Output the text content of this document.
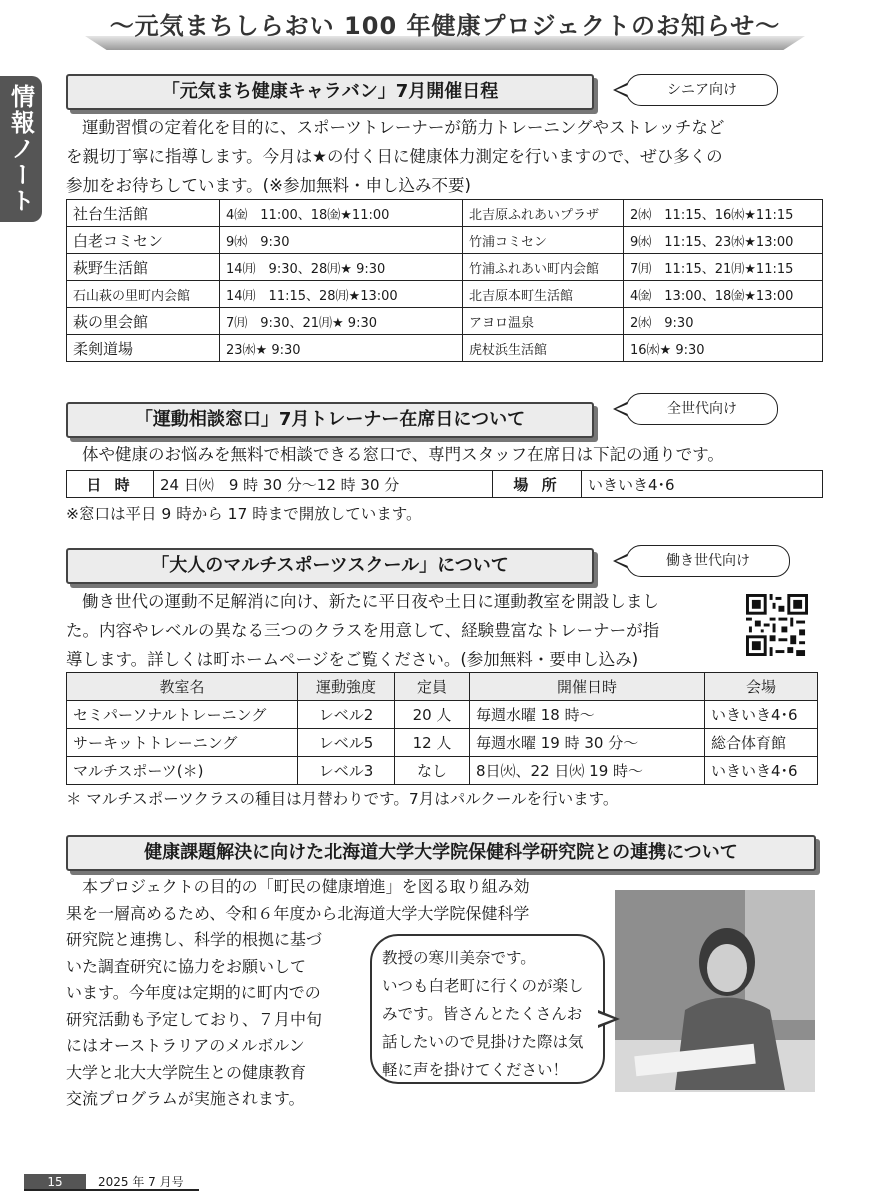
〜元気まちしらおい 100 年健康プロジェクトのお知らせ〜
情報ノート	「元気まち健康キャラバン」7月開催日程	シニア向け
運動習慣の定着化を目的に、スポーツトレーナーが筋力トレーニングやストレッチなど
を親切丁寧に指導します。今月は★の付く日に健康体力測定を行いますので、ぜひ多くの
参加をお待ちしています。(※参加無料・申し込み不要)
社台生活館	4㈮　11:00、18㈮★11:00	北吉原ふれあいプラザ	2㈬　11:15、16㈬★11:15
白老コミセン	9㈬　9:30	竹浦コミセン	9㈬　11:15、23㈬★13:00
萩野生活館	14㈪　9:30、28㈪★ 9:30	竹浦ふれあい町内会館	7㈪　11:15、21㈪★11:15
石山萩の里町内会館	14㈪　11:15、28㈪★13:00	北吉原本町生活館	4㈮　13:00、18㈮★13:00
萩の里会館	7㈪　9:30、21㈪★ 9:30	アヨロ温泉	2㈬　9:30
柔剣道場	23㈬★ 9:30	虎杖浜生活館	16㈬★ 9:30
「運動相談窓口」7月トレーナー在席日について	全世代向け
体や健康のお悩みを無料で相談できる窓口で、専門スタッフ在席日は下記の通りです。
日 時	24 日㈫　9 時 30 分〜12 時 30 分	場 所	いきいき4･6
※窓口は平日 9 時から 17 時まで開放しています。
「大人のマルチスポーツスクール」について	働き世代向け
働き世代の運動不足解消に向け、新たに平日夜や土日に運動教室を開設しまし
た。内容やレベルの異なる三つのクラスを用意して、経験豊富なトレーナーが指
導します。詳しくは町ホームページをご覧ください。(参加無料・要申し込み)
教室名	運動強度	定員	開催日時	会場
セミパーソナルトレーニング	レベル2	20 人	毎週水曜 18 時〜	いきいき4･6
サーキットトレーニング	レベル5	12 人	毎週水曜 19 時 30 分〜	総合体育館
マルチスポーツ(＊)	レベル3	なし	8日㈫、22 日㈫ 19 時〜	いきいき4･6
＊ マルチスポーツクラスの種目は月替わりです。7月はパルクールを行います。
健康課題解決に向けた北海道大学大学院保健科学研究院との連携について
本プロジェクトの目的の「町民の健康増進」を図る取り組み効
果を一層高めるため、令和６年度から北海道大学大学院保健科学
研究院と連携し、科学的根拠に基づ
いた調査研究に協力をお願いして
います。今年度は定期的に町内での
研究活動も予定しており、７月中旬
にはオーストラリアのメルボルン
大学と北大大学院生との健康教育
交流プログラムが実施されます。
教授の寒川美奈です。
いつも白老町に行くのが楽し
みです。皆さんとたくさんお
話したいので見掛けた際は気
軽に声を掛けてください！
15	2025 年 7 月号
